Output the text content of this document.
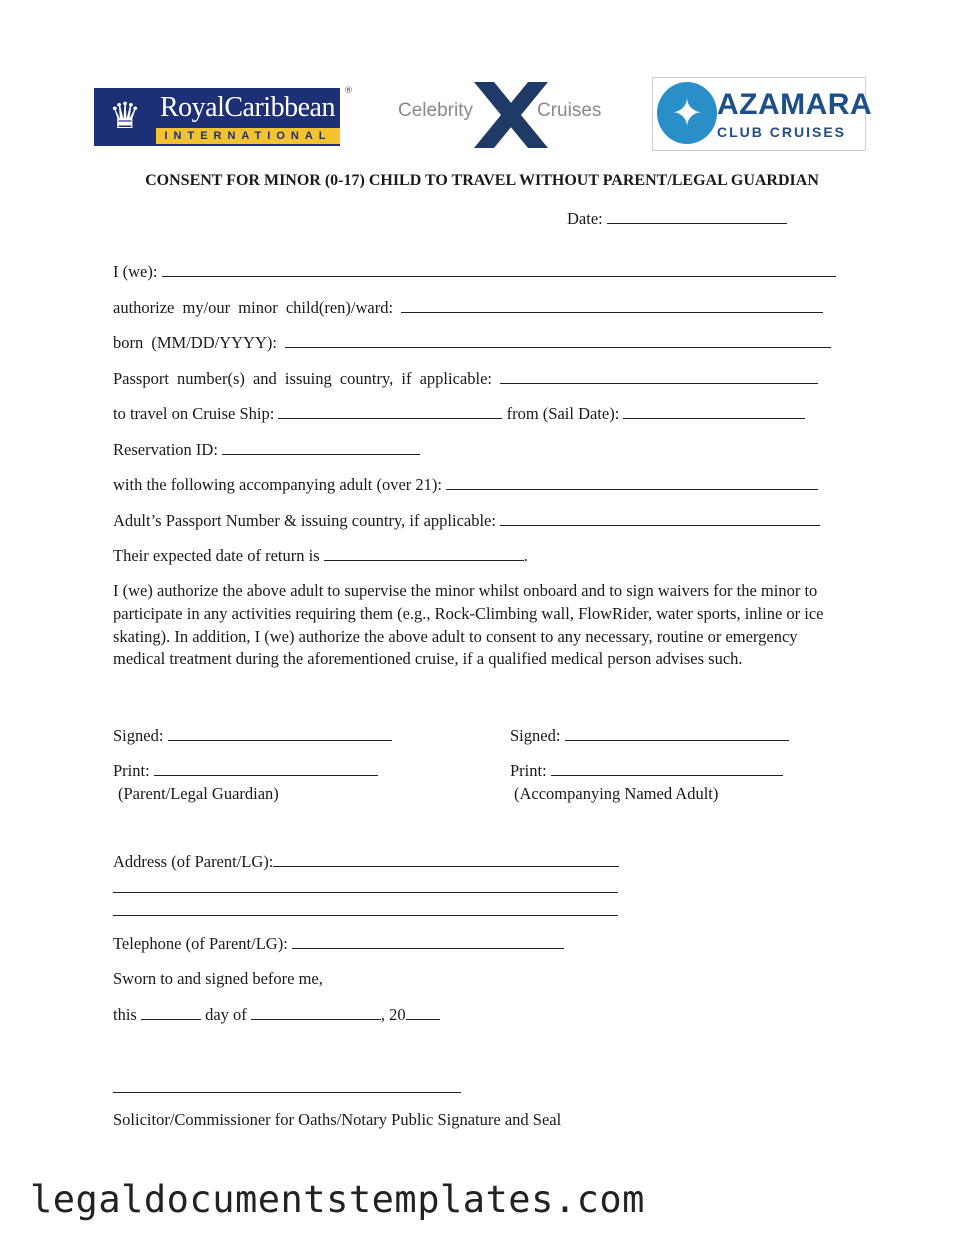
♛ RoyalCaribbean
INTERNATIONAL
®
Celebrity	Cruises	✦ AZAMARA
CLUB CRUISES
CONSENT FOR MINOR (0-17) CHILD TO TRAVEL WITHOUT PARENT/LEGAL GUARDIAN
Date:
I (we):
authorize my/our minor child(ren)/ward:
born (MM/DD/YYYY):
Passport number(s) and issuing country, if applicable:
to travel on Cruise Ship:	from (Sail Date):
Reservation ID:
with the following accompanying adult (over 21):
Adult’s Passport Number & issuing country, if applicable:
Their expected date of return is	.
I (we) authorize the above adult to supervise the minor whilst onboard and to sign waivers for the minor to participate in any activities requiring them (e.g., Rock-Climbing wall, FlowRider, water sports, inline or ice skating). In addition, I (we) authorize the above adult to consent to any necessary, routine or emergency medical treatment during the aforementioned cruise, if a qualified medical person advises such.
Signed:	Signed:
Print:	Print:
(Parent/Legal Guardian)	(Accompanying Named Adult)
Address (of Parent/LG):
Telephone (of Parent/LG):
Sworn to and signed before me,
this	day of	, 20
Solicitor/Commissioner for Oaths/Notary Public Signature and Seal
legaldocumentstemplates.com
